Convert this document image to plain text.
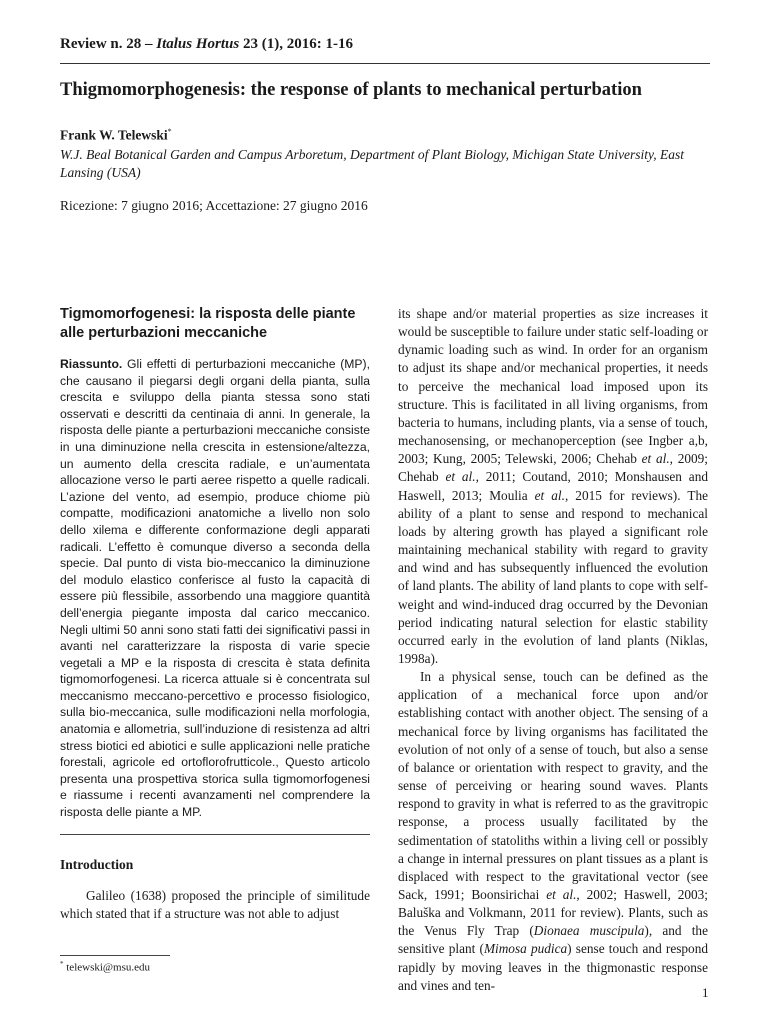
Review n. 28 – Italus Hortus 23 (1), 2016: 1-16
Thigmomorphogenesis: the response of plants to mechanical perturbation
Frank W. Telewski*
W.J. Beal Botanical Garden and Campus Arboretum, Department of Plant Biology, Michigan State University, East Lansing (USA)
Ricezione: 7 giugno 2016; Accettazione: 27 giugno 2016
Tigmomorfogenesi: la risposta delle piante alle perturbazioni meccaniche

Riassunto. Gli effetti di perturbazioni meccaniche (MP), che causano il piegarsi degli organi della pianta, sulla crescita e sviluppo della pianta stessa sono stati osservati e descritti da centinaia di anni. In generale, la risposta delle piante a perturbazioni meccaniche consiste in una diminuzione nella crescita in estensione/altezza, un aumento della crescita radiale, e un’aumentata allocazione verso le parti aeree rispetto a quelle radicali. L’azione del vento, ad esempio, produce chiome più compatte, modificazioni anatomiche a livello non solo dello xilema e differente conformazione degli apparati radicali. L’effetto è comunque diverso a seconda della specie. Dal punto di vista bio-meccanico la diminuzione del modulo elastico conferisce al fusto la capacità di essere più flessibile, assorbendo una maggiore quantità dell’energia piegante imposta dal carico meccanico. Negli ultimi 50 anni sono stati fatti dei significativi passi in avanti nel caratterizzare la risposta di varie specie vegetali a MP e la risposta di crescita è stata definita tigmomorfogenesi. La ricerca attuale si è concentrata sul meccanismo meccano-percettivo e processo fisiologico, sulla bio-meccanica, sulle modificazioni nella morfologia, anatomia e allometria, sull’induzione di resistenza ad altri stress biotici ed abiotici e sulle applicazioni nelle pratiche forestali, agricole ed ortoflorofrutticole., Questo articolo presenta una prospettiva storica sulla tigmomorfogenesi e riassume i recenti avanzamenti nel comprendere la risposta delle piante a MP.

Introduction

Galileo (1638) proposed the principle of similitude which stated that if a structure was not able to adjust

* telewski@msu.edu

its shape and/or material properties as size increases it would be susceptible to failure under static self-loading or dynamic loading such as wind. In order for an organism to adjust its shape and/or mechanical properties, it needs to perceive the mechanical load imposed upon its structure. This is facilitated in all living organisms, from bacteria to humans, including plants, via a sense of touch, mechanosensing, or mechanoperception (see Ingber a,b, 2003; Kung, 2005; Telewski, 2006; Chehab et al., 2009; Chehab et al., 2011; Coutand, 2010; Monshausen and Haswell, 2013; Moulia et al., 2015 for reviews). The ability of a plant to sense and respond to mechanical loads by altering growth has played a significant role maintaining mechanical stability with regard to gravity and wind and has subsequently influenced the evolution of land plants. The ability of land plants to cope with self-weight and wind-induced drag occurred by the Devonian period indicating natural selection for elastic stability occurred early in the evolution of land plants (Niklas, 1998a).

In a physical sense, touch can be defined as the application of a mechanical force upon and/or establishing contact with another object. The sensing of a mechanical force by living organisms has facilitated the evolution of not only of a sense of touch, but also a sense of balance or orientation with respect to gravity, and the sense of perceiving or hearing sound waves. Plants respond to gravity in what is referred to as the gravitropic response, a process usually facilitated by the sedimentation of statoliths within a living cell or possibly a change in internal pressures on plant tissues as a plant is displaced with respect to the gravitational vector (see Sack, 1991; Boonsirichai et al., 2002; Haswell, 2003; Baluška and Volkmann, 2011 for review). Plants, such as the Venus Fly Trap (Dionaea muscipula), and the sensitive plant (Mimosa pudica) sense touch and respond rapidly by moving leaves in the thigmonastic response and vines and ten-	1
